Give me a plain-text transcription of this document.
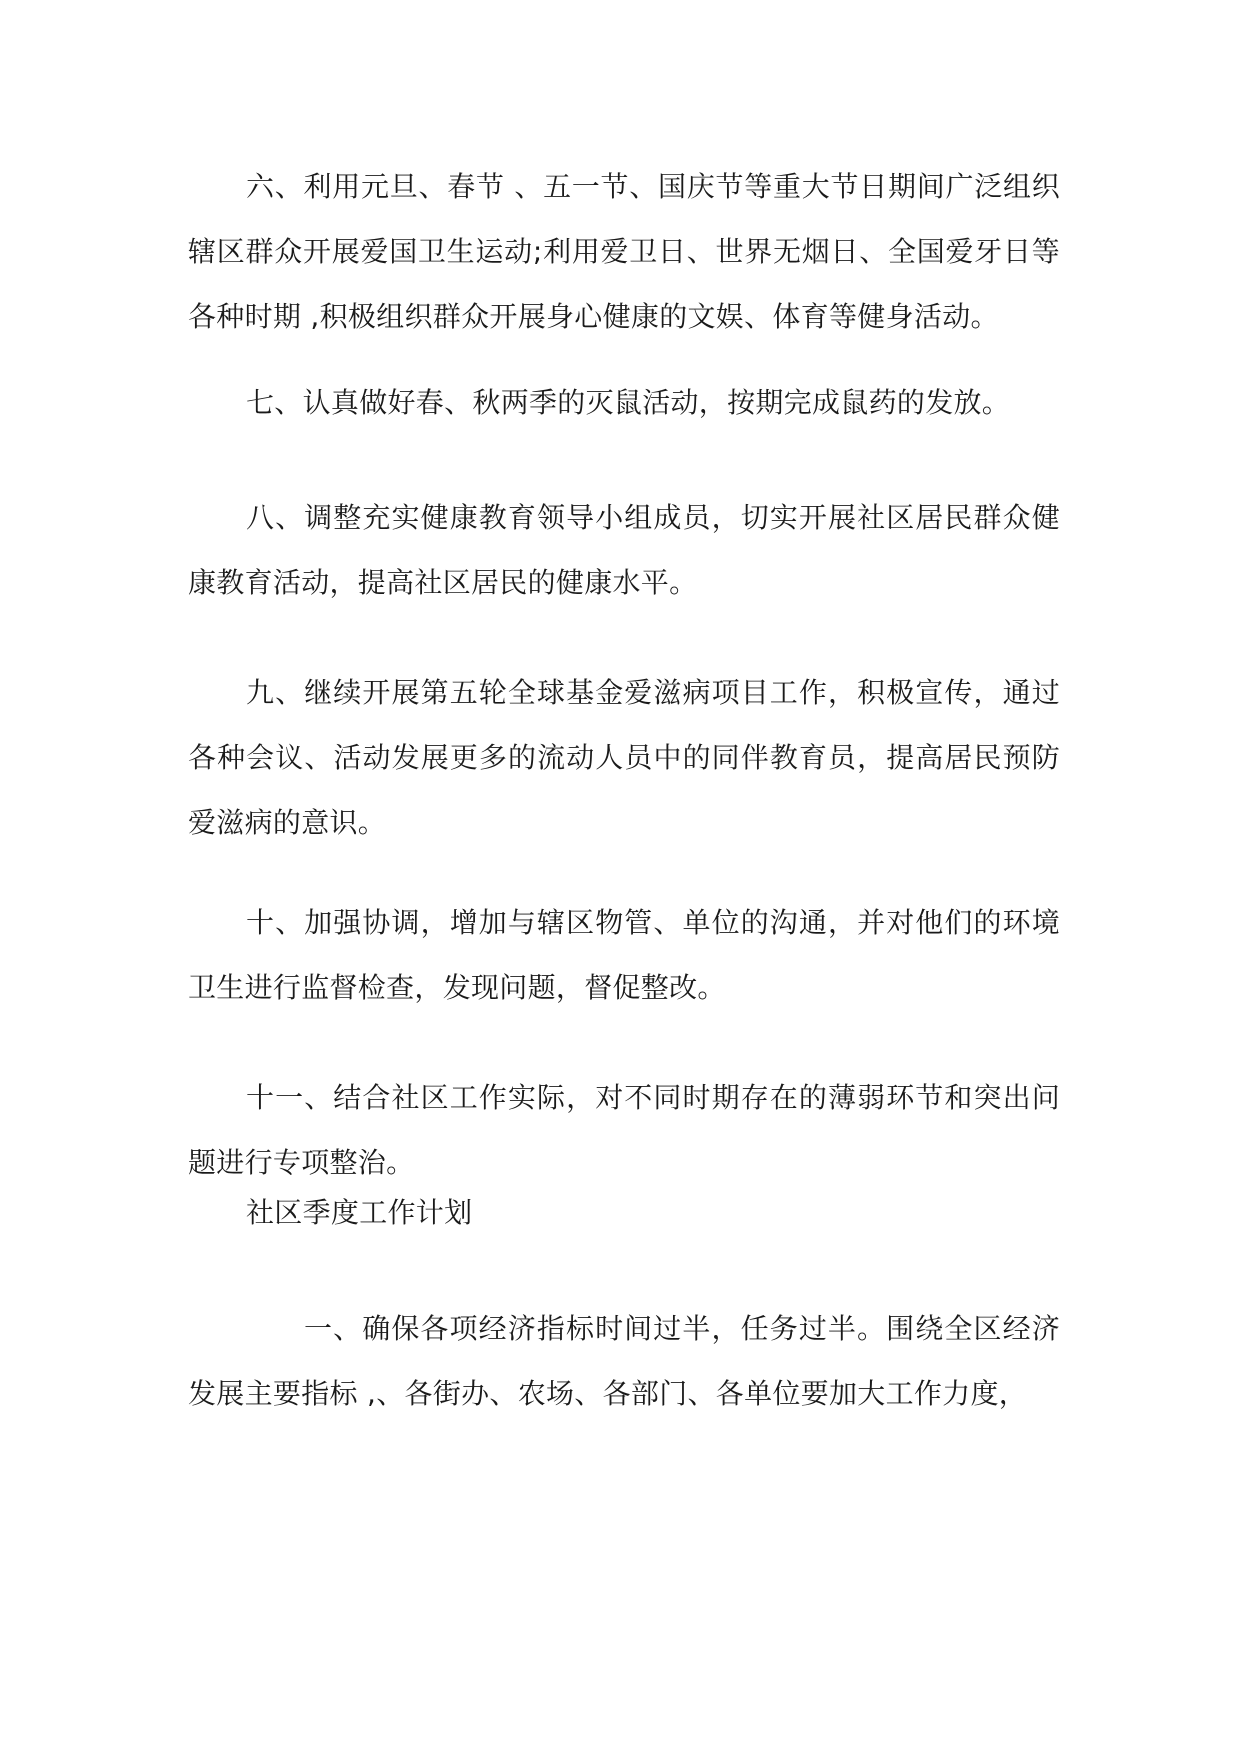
六、利用元旦、春节 、五一节、国庆节等重大节日期间广泛组织辖区群众开展爱国卫生运动;利用爱卫日、世界无烟日、全国爱牙日等各种时期 ,积极组织群众开展身心健康的文娱、体育等健身活动。

七、认真做好春、秋两季的灭鼠活动，按期完成鼠药的发放。

八、调整充实健康教育领导小组成员，切实开展社区居民群众健康教育活动，提高社区居民的健康水平。

九、继续开展第五轮全球基金爱滋病项目工作，积极宣传，通过各种会议、活动发展更多的流动人员中的同伴教育员，提高居民预防爱滋病的意识。

十、加强协调，增加与辖区物管、单位的沟通，并对他们的环境卫生进行监督检查，发现问题，督促整改。

十一、结合社区工作实际，对不同时期存在的薄弱环节和突出问题进行专项整治。

社区季度工作计划

一、确保各项经济指标时间过半，任务过半。围绕全区经济发展主要指标 ,、各街办、农场、各部门、各单位要加大工作力度，
